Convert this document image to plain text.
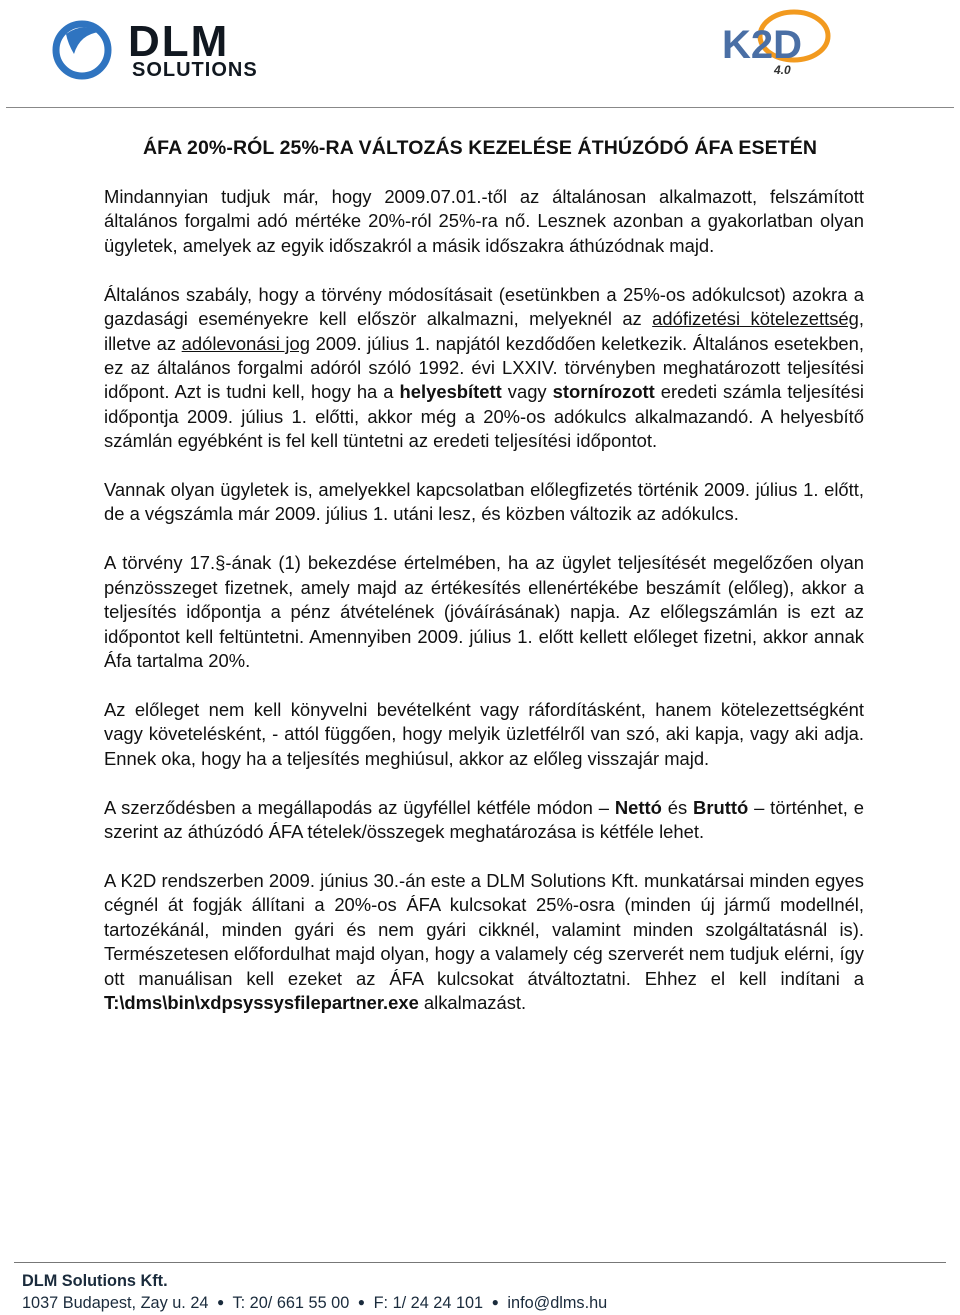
DLM
SOLUTIONS
K2D
4.0
ÁFA 20%-RÓL 25%-RA VÁLTOZÁS KEZELÉSE ÁTHÚZÓDÓ ÁFA ESETÉN

Mindannyian tudjuk már, hogy 2009.07.01.-től az általánosan alkalmazott, felszámított általános forgalmi adó mértéke 20%-ról 25%-ra nő. Lesznek azonban a gyakorlatban olyan ügyletek, amelyek az egyik időszakról a másik időszakra áthúzódnak majd.

Általános szabály, hogy a törvény módosításait (esetünkben a 25%-os adókulcsot) azokra a gazdasági eseményekre kell először alkalmazni, melyeknél az adófizetési kötelezettség, illetve az adólevonási jog 2009. július 1. napjától kezdődően keletkezik. Általános esetekben, ez az általános forgalmi adóról szóló 1992. évi LXXIV. törvényben meghatározott teljesítési időpont. Azt is tudni kell, hogy ha a helyesbített vagy stornírozott eredeti számla teljesítési időpontja 2009. július 1. előtti, akkor még a 20%-os adókulcs alkalmazandó. A helyesbítő számlán egyébként is fel kell tüntetni az eredeti teljesítési időpontot.

Vannak olyan ügyletek is, amelyekkel kapcsolatban előlegfizetés történik 2009. július 1. előtt, de a végszámla már 2009. július 1. utáni lesz, és közben változik az adókulcs.

A törvény 17.§-ának (1) bekezdése értelmében, ha az ügylet teljesítését megelőzően olyan pénzösszeget fizetnek, amely majd az értékesítés ellenértékébe beszámít (előleg), akkor a teljesítés időpontja a pénz átvételének (jóváírásának) napja. Az előlegszámlán is ezt az időpontot kell feltüntetni. Amennyiben 2009. július 1. előtt kellett előleget fizetni, akkor annak Áfa tartalma 20%.

Az előleget nem kell könyvelni bevételként vagy ráfordításként, hanem kötelezettségként vagy követelésként, - attól függően, hogy melyik üzletfélről van szó, aki kapja, vagy aki adja. Ennek oka, hogy ha a teljesítés meghiúsul, akkor az előleg visszajár majd.

A szerződésben a megállapodás az ügyféllel kétféle módon – Nettó és Bruttó – történhet, e szerint az áthúzódó ÁFA tételek/összegek meghatározása is kétféle lehet.

A K2D rendszerben 2009. június 30.-án este a DLM Solutions Kft. munkatársai minden egyes cégnél át fogják állítani a 20%-os ÁFA kulcsokat 25%-osra (minden új jármű modellnél, tartozékánál, minden gyári és nem gyári cikknél, valamint minden szolgáltatásnál is). Természetesen előfordulhat majd olyan, hogy a valamely cég szerverét nem tudjuk elérni, így ott manuálisan kell ezeket az ÁFA kulcsokat átváltoztatni. Ehhez el kell indítani a T:\dms\bin\xdpsyssysfilepartner.exe alkalmazást.

DLM Solutions Kft.
1037 Budapest, Zay u. 24 ● T: 20/ 661 55 00 ● F: 1/ 24 24 101 ● info@dlms.hu
